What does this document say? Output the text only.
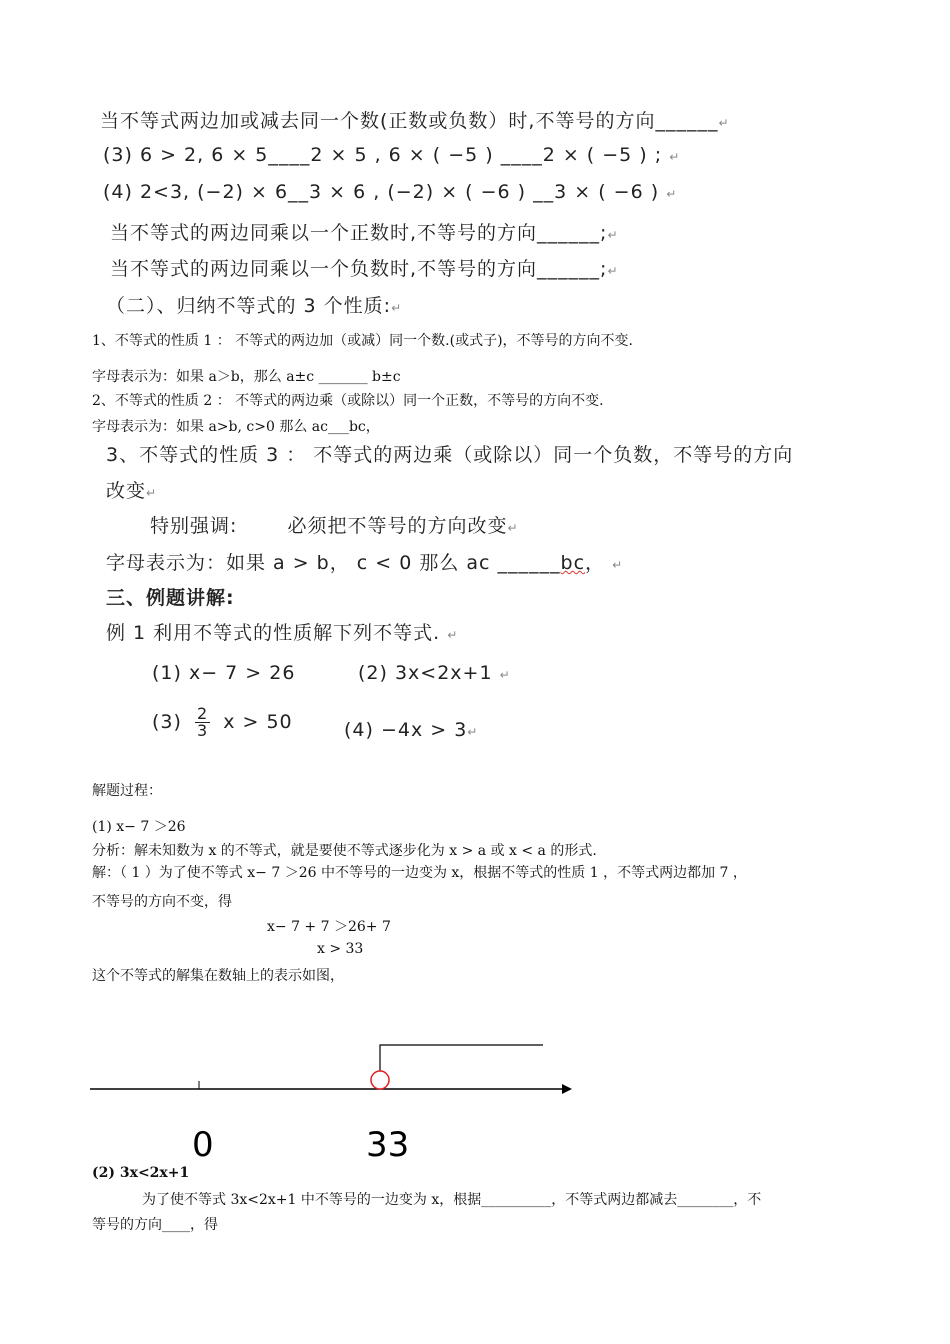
当不等式两边加或减去同一个数(正数或负数）时,不等号的方向______↵
(3) 6 > 2, 6 × 5____2 × 5 , 6 × ( −5 ) ____2 × ( −5 ) ; ↵
(4) 2<3, (−2) × 6__3 × 6 , (−2) × ( −6 ) __3 × ( −6 ) ↵
当不等式的两边同乘以一个正数时,不等号的方向______;↵
当不等式的两边同乘以一个负数时,不等号的方向______;↵
（二）、归纳不等式的 3 个性质:↵
1、不等式的性质 1 ： 不等式的两边加（或减）同一个数.(或式子)，不等号的方向不变.
字母表示为：如果 a＞b，那么 a±c _______ b±c
2、不等式的性质 2 ： 不等式的两边乘（或除以）同一个正数，不等号的方向不变.
字母表示为：如果 a>b, c>0 那么 ac___bc，
3、不等式的性质 3 ： 不等式的两边乘（或除以）同一个负数，不等号的方向
改变↵
特别强调:	必须把不等号的方向改变↵
字母表示为：如果 a > b， c < 0 那么 ac ______bc， ↵
三、例题讲解:
例 1 利用不等式的性质解下列不等式. ↵
(1) x− 7 > 26	(2) 3x<2x+1 ↵
$(3) \frac{2}{3}$ x > 50	(4) −4x > 3↵
解题过程：
(1) x− 7 ＞26
分析：解未知数为 x 的不等式，就是要使不等式逐步化为 x > a 或 x < a 的形式.
解：（ 1 ）为了使不等式 x− 7 ＞26 中不等号的一边变为 x，根据不等式的性质 1 ，不等式两边都加 7 ，
不等号的方向不变，得
x− 7 + 7 ＞26+ 7
x > 33
这个不等式的解集在数轴上的表示如图，
0	33
(2) 3x<2x+1
为了使不等式 3x<2x+1 中不等号的一边变为 x，根据__________，不等式两边都减去________，不
等号的方向____，得
